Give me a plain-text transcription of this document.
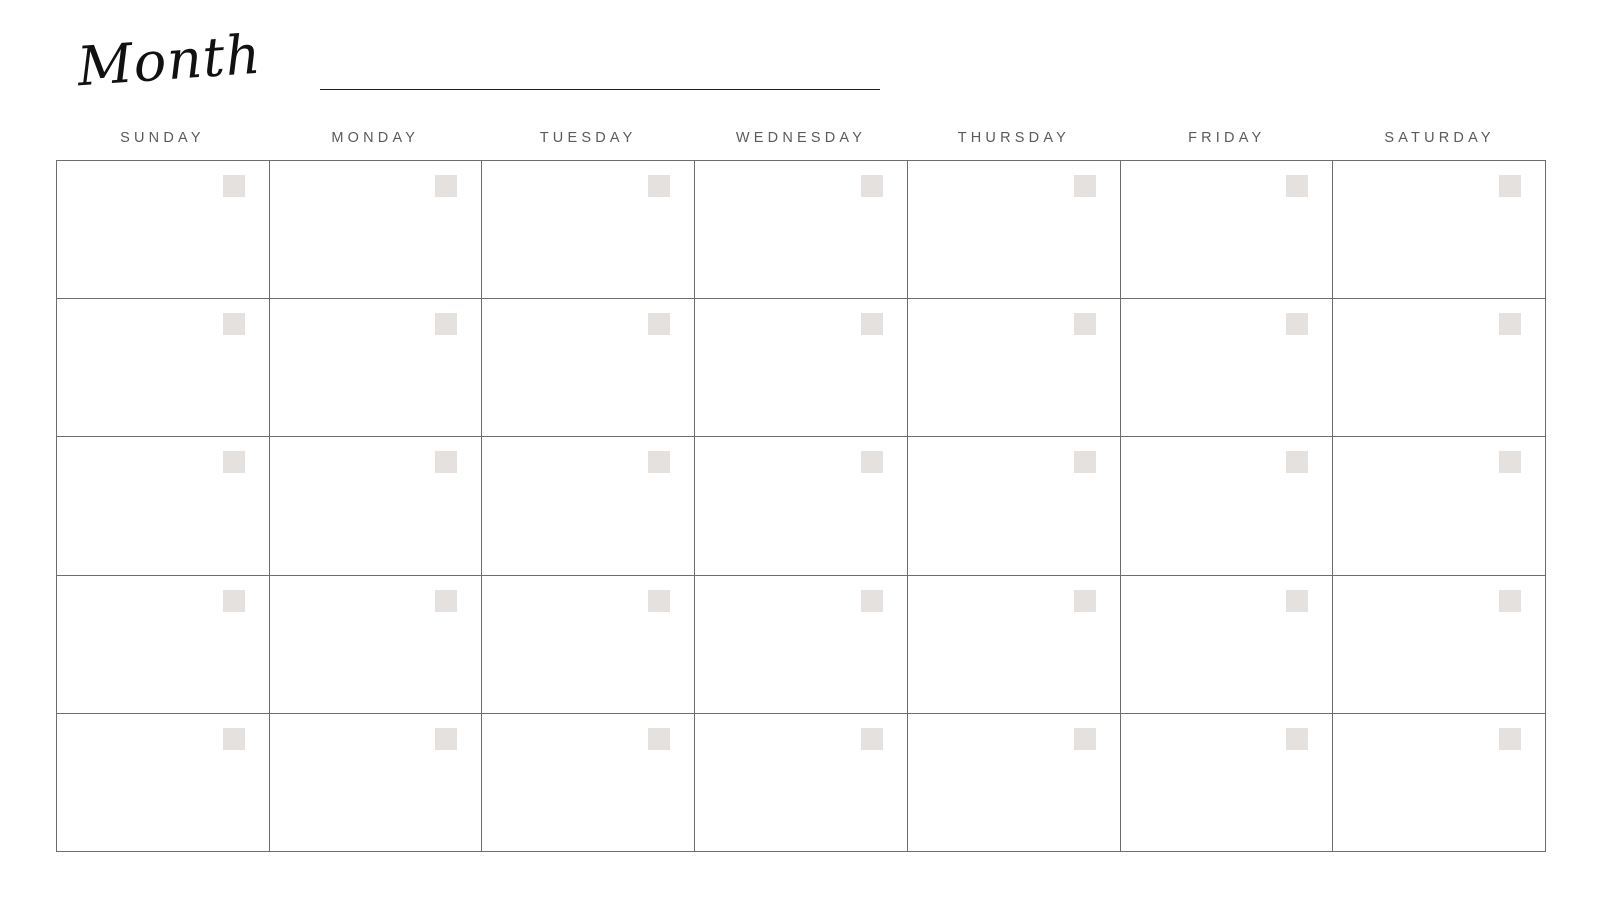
Month
SUNDAY	MONDAY	TUESDAY	WEDNESDAY	THURSDAY	FRIDAY	SATURDAY
